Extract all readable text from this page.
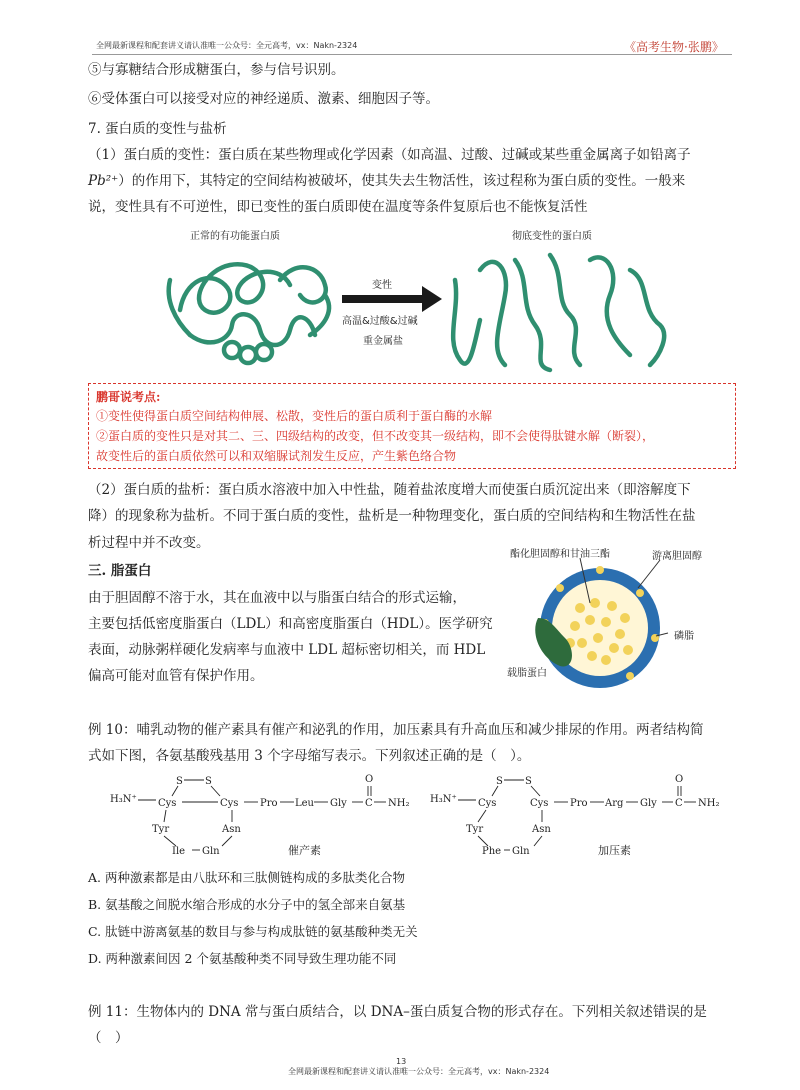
全网最新课程和配套讲义请认准唯一公众号：全元高考，vx：Nakn-2324	《高考生物·张鹏》
⑤与寡糖结合形成糖蛋白，参与信号识别。
⑥受体蛋白可以接受对应的神经递质、激素、细胞因子等。
7. 蛋白质的变性与盐析
（1）蛋白质的变性：蛋白质在某些物理或化学因素（如高温、过酸、过碱或某些重金属离子如铅离子
Pb²⁺）的作用下，其特定的空间结构被破坏，使其失去生物活性，该过程称为蛋白质的变性。一般来
说，变性具有不可逆性，即已变性的蛋白质即使在温度等条件复原后也不能恢复活性
正常的有功能蛋白质	彻底变性的蛋白质
变性
高温&过酸&过碱
重金属盐
鹏哥说考点:
①变性使得蛋白质空间结构伸展、松散，变性后的蛋白质利于蛋白酶的水解
②蛋白质的变性只是对其二、三、四级结构的改变，但不改变其一级结构，即不会使得肽键水解（断裂），
故变性后的蛋白质依然可以和双缩脲试剂发生反应，产生紫色络合物
（2）蛋白质的盐析：蛋白质水溶液中加入中性盐，随着盐浓度增大而使蛋白质沉淀出来（即溶解度下
降）的现象称为盐析。不同于蛋白质的变性，盐析是一种物理变化，蛋白质的空间结构和生物活性在盐
析过程中并不改变。
三. 脂蛋白
由于胆固醇不溶于水，其在血液中以与脂蛋白结合的形式运输，
主要包括低密度脂蛋白（LDL）和高密度脂蛋白（HDL）。医学研究
表面，动脉粥样硬化发病率与血液中 LDL 超标密切相关，而 HDL
偏高可能对血管有保护作用。
酯化胆固醇和甘油三酯	游离胆固醇
磷脂
载脂蛋白
例 10：哺乳动物的催产素具有催产和泌乳的作用，加压素具有升高血压和减少排尿的作用。两者结构简
式如下图，各氨基酸残基用 3 个字母缩写表示。下列叙述正确的是（　）。
H₃N⁺
S S
Cys	Cys Pro Leu Gly C
O
NH₂
Tyr	Asn
Ile Gln	催产素
H₃N⁺
S S
Cys	Cys Pro Arg Gly C
O
NH₂
Tyr	Asn
Phe Gln	加压素
A. 两种激素都是由八肽环和三肽侧链构成的多肽类化合物
B. 氨基酸之间脱水缩合形成的水分子中的氢全部来自氨基
C. 肽链中游离氨基的数目与参与构成肽链的氨基酸种类无关
D. 两种激素间因 2 个氨基酸种类不同导致生理功能不同
例 11：生物体内的 DNA 常与蛋白质结合，以 DNA–蛋白质复合物的形式存在。下列相关叙述错误的是
（　）
全网最新课程和配套讲义请认准唯一公众号：全元高考，vx：Nakn-2324
13
